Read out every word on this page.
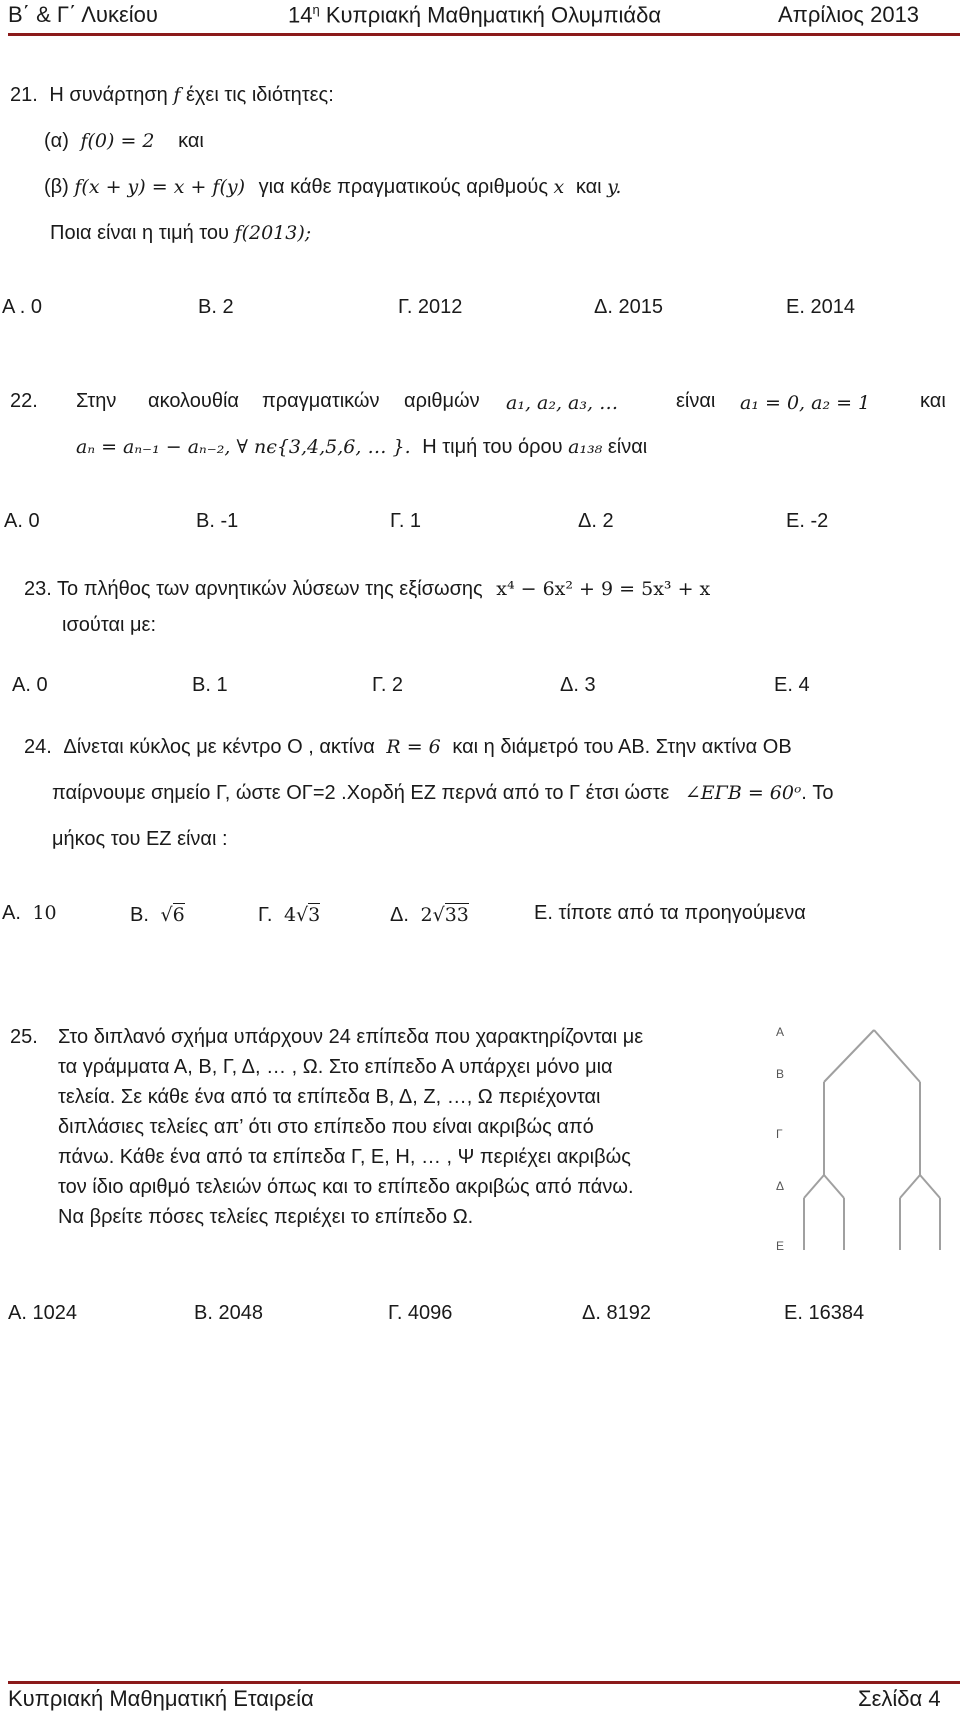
Β΄ & Γ΄ Λυκείου	$14^\eta$ Κυπριακή Μαθηματική Ολυμπιάδα	Απρίλιος 2013
21. Η συνάρτηση f έχει τις ιδιότητες:
(α) f(0) = 2 και
(β) f(x + y) = x + f(y) για κάθε πραγματικούς αριθμούς x και y.
Ποια είναι η τιμή του f(2013);
Α . 0	Β. 2	Γ. 2012	Δ. 2015	Ε. 2014
22. Στην ακολουθία πραγματικών αριθμών a₁, a₂, a₃, …	είναι a₁ = 0, a₂ = 1 και
aₙ = aₙ₋₁ − aₙ₋₂, ∀ nϵ{3,4,5,6, … }. Η τιμή του όρου a₁₃₈ είναι
Α. 0	Β. -1	Γ. 1	Δ. 2	Ε. -2
23. Το πλήθος των αρνητικών λύσεων της εξίσωσης x⁴ − 6x² + 9 = 5x³ + x
ισούται με:
Α. 0	Β. 1	Γ. 2	Δ. 3	Ε. 4
24. Δίνεται κύκλος με κέντρο Ο , ακτίνα R = 6 και η διάμετρό του ΑΒ. Στην ακτίνα ΟΒ
παίρνουμε σημείο Γ, ώστε ΟΓ=2 .Χορδή ΕΖ περνά από το Γ έτσι ώστε ∠ΕΓΒ = 60ᵒ. Το
μήκος του ΕΖ είναι :
Α. 10	Β. √6	Γ. 4√3	Δ. 2√33	Ε. τίποτε από τα προηγούμενα
25. Στο διπλανό σχήμα υπάρχουν 24 επίπεδα που χαρακτηρίζονται με
τα γράμματα Α, Β, Γ, Δ, … , Ω. Στο επίπεδο Α υπάρχει μόνο μια
τελεία. Σε κάθε ένα από τα επίπεδα Β, Δ, Ζ, …, Ω περιέχονται
διπλάσιες τελείες απ’ ότι στο επίπεδο που είναι ακριβώς από
πάνω. Κάθε ένα από τα επίπεδα Γ, Ε, Η, … , Ψ περιέχει ακριβώς
τον ίδιο αριθμό τελειών όπως και το επίπεδο ακριβώς από πάνω.
Να βρείτε πόσες τελείες περιέχει το επίπεδο Ω.
Α
Β
Γ
Δ
Ε
Α. 1024	Β. 2048	Γ. 4096	Δ. 8192	Ε. 16384
Κυπριακή Μαθηματική Εταιρεία	Σελίδα 4
